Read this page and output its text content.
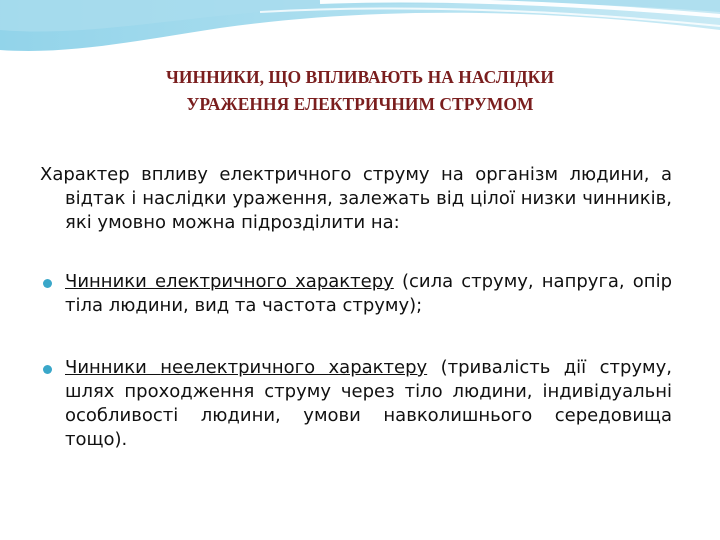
ЧИННИКИ, ЩО ВПЛИВАЮТЬ НА НАСЛІДКИ
УРАЖЕННЯ ЕЛЕКТРИЧНИМ СТРУМОМ
Характер впливу електричного струму на організм людини, а відтак і наслідки ураження, залежать від цілої низки чинників, які умовно можна підрозділити на:
Чинники електричного характеру (сила струму, напруга, опір тіла людини, вид та частота струму);
Чинники неелектричного характеру (тривалість дії струму, шлях проходження струму через тіло людини, індивідуальні особливості людини, умови навколишнього середовища тощо).
